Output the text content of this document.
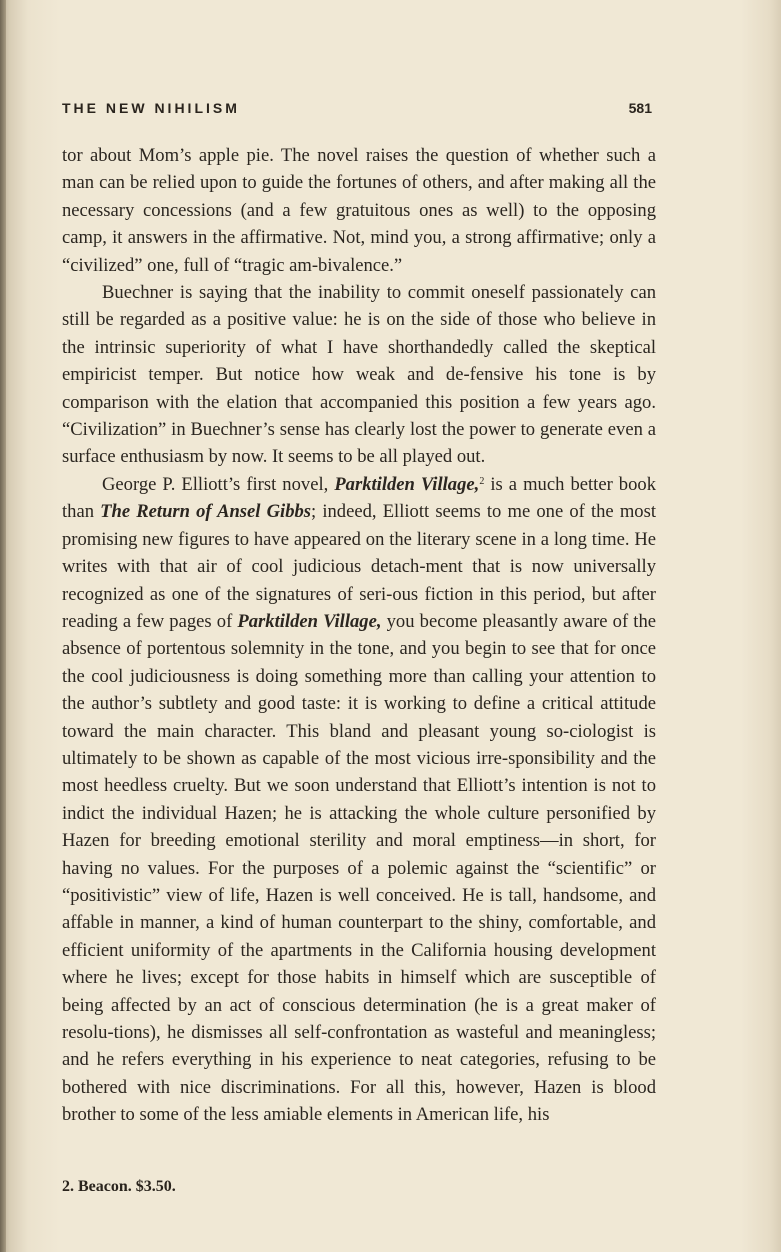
THE NEW NIHILISM	581

tor about Mom’s apple pie. The novel raises the question of whether such a man can be relied upon to guide the fortunes of others, and after making all the necessary concessions (and a few gratuitous ones as well) to the opposing camp, it answers in the affirmative. Not, mind you, a strong affirmative; only a “civilized” one, full of “tragic am-bivalence.”

Buechner is saying that the inability to commit oneself passionately can still be regarded as a positive value: he is on the side of those who believe in the intrinsic superiority of what I have shorthandedly called the skeptical empiricist temper. But notice how weak and de-fensive his tone is by comparison with the elation that accompanied this position a few years ago. “Civilization” in Buechner’s sense has clearly lost the power to generate even a surface enthusiasm by now. It seems to be all played out.

George P. Elliott’s first novel, Parktilden Village,$^2$ is a much better book than The Return of Ansel Gibbs; indeed, Elliott seems to me one of the most promising new figures to have appeared on the literary scene in a long time. He writes with that air of cool judicious detach-ment that is now universally recognized as one of the signatures of seri-ous fiction in this period, but after reading a few pages of Parktilden Village, you become pleasantly aware of the absence of portentous solemnity in the tone, and you begin to see that for once the cool judiciousness is doing something more than calling your attention to the author’s subtlety and good taste: it is working to define a critical attitude toward the main character. This bland and pleasant young so-ciologist is ultimately to be shown as capable of the most vicious irre-sponsibility and the most heedless cruelty. But we soon understand that Elliott’s intention is not to indict the individual Hazen; he is attacking the whole culture personified by Hazen for breeding emotional sterility and moral emptiness—in short, for having no values. For the purposes of a polemic against the “scientific” or “positivistic” view of life, Hazen is well conceived. He is tall, handsome, and affable in manner, a kind of human counterpart to the shiny, comfortable, and efficient uniformity of the apartments in the California housing development where he lives; except for those habits in himself which are susceptible of being affected by an act of conscious determination (he is a great maker of resolu-tions), he dismisses all self-confrontation as wasteful and meaningless; and he refers everything in his experience to neat categories, refusing to be bothered with nice discriminations. For all this, however, Hazen is blood brother to some of the less amiable elements in American life, his

2. Beacon. $3.50.
